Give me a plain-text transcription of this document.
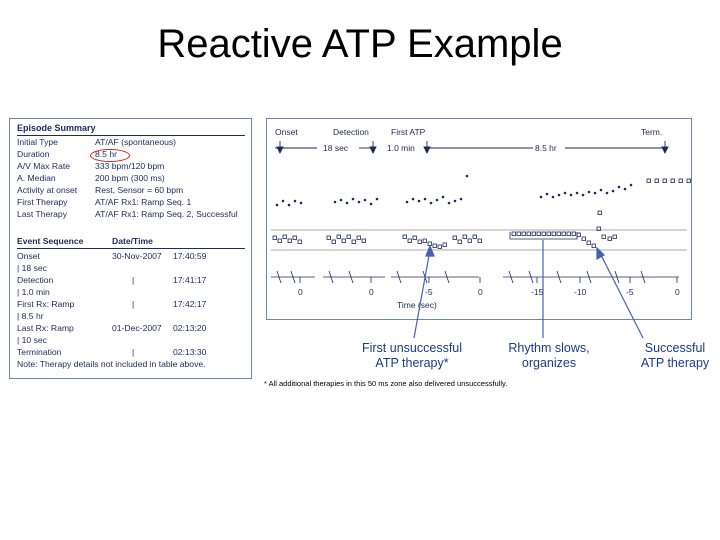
Reactive ATP Example
Episode Summary
Initial Type	AT/AF (spontaneous)
Duration	8.5 hr
A/V Max Rate	333 bpm/120 bpm
A. Median	200 bpm (300 ms)
Activity at onset Rest, Sensor = 60 bpm
First Therapy	AT/AF Rx1: Ramp Seq. 1
Last Therapy	AT/AF Rx1: Ramp Seq. 2, Successful
Event Sequence	Date/Time
Onset	30-Nov-2007 17:40:59
| 18 sec
Detection	|	17:41:17
| 1.0 min
First Rx: Ramp	|	17:42:17
| 8.5 hr
Last Rx: Ramp	01-Dec-2007 02:13:20
| 10 sec
Termination	|	02:13:30
Note: Therapy details not included in table above.
Onset	Detection	First ATP	Term.
18 sec	1.0 min	8.5 hr
0	0	-5	0	-15	-10	-5	0
Time (sec)
First unsuccessful
ATP therapy*
Rhythm slows,
organizes
Successful
ATP therapy
* All additional therapies in this 50 ms zone also delivered unsuccessfully.
